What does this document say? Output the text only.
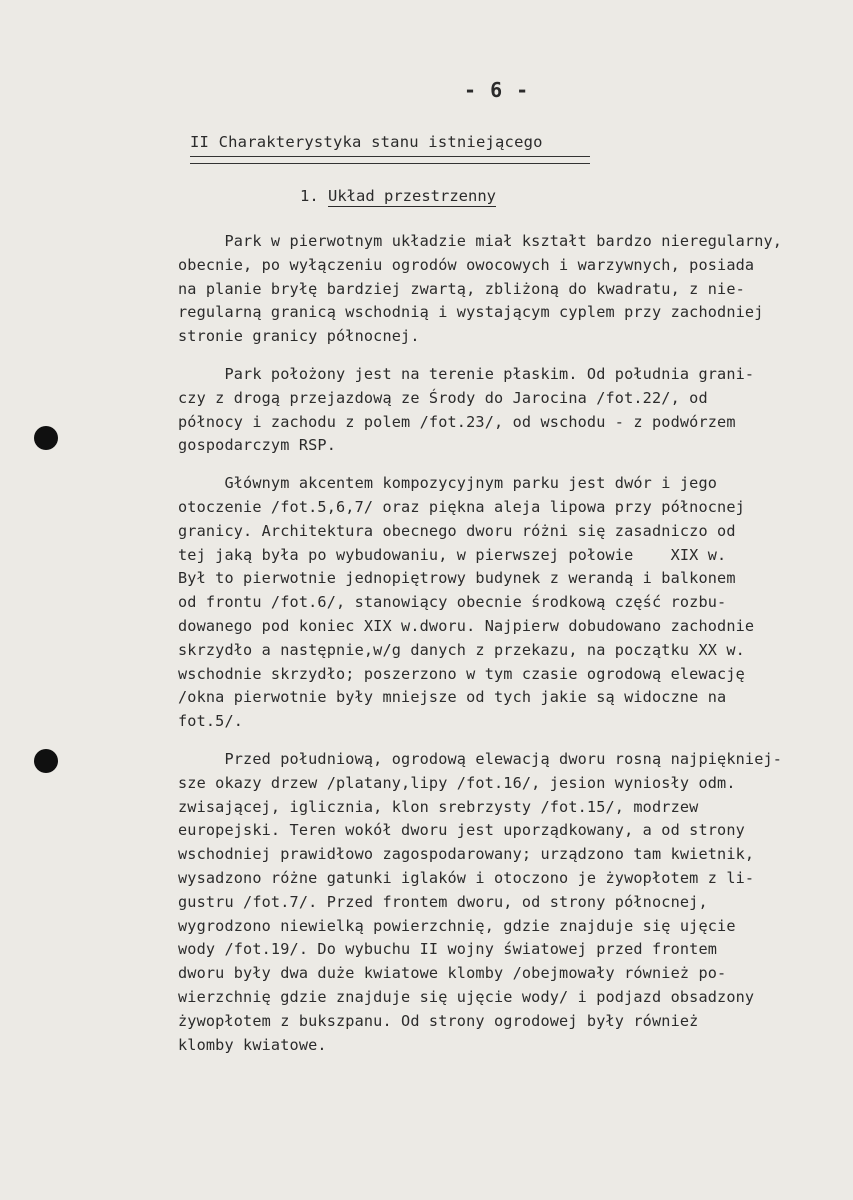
- 6 -
II Charakterystyka stanu istniejącego
1. Układ przestrzenny
Park w pierwotnym układzie miał kształt bardzo nieregularny,
obecnie, po wyłączeniu ogrodów owocowych i warzywnych, posiada
na planie bryłę bardziej zwartą, zbliżoną do kwadratu, z nie-
regularną granicą wschodnią i wystającym cyplem przy zachodniej
stronie granicy północnej.
Park położony jest na terenie płaskim. Od południa grani-
czy z drogą przejazdową ze Środy do Jarocina /fot.22/, od
północy i zachodu z polem /fot.23/, od wschodu - z podwórzem
gospodarczym RSP.
Głównym akcentem kompozycyjnym parku jest dwór i jego
otoczenie /fot.5,6,7/ oraz piękna aleja lipowa przy północnej
granicy. Architektura obecnego dworu różni się zasadniczo od
tej jaką była po wybudowaniu, w pierwszej połowie    XIX w.
Był to pierwotnie jednopiętrowy budynek z werandą i balkonem
od frontu /fot.6/, stanowiący obecnie środkową część rozbu-
dowanego pod koniec XIX w.dworu. Najpierw dobudowano zachodnie
skrzydło a następnie,w/g danych z przekazu, na początku XX w.
wschodnie skrzydło; poszerzono w tym czasie ogrodową elewację
/okna pierwotnie były mniejsze od tych jakie są widoczne na
fot.5/.
Przed południową, ogrodową elewacją dworu rosną najpiękniej-
sze okazy drzew /platany,lipy /fot.16/, jesion wyniosły odm.
zwisającej, iglicznia, klon srebrzysty /fot.15/, modrzew
europejski. Teren wokół dworu jest uporządkowany, a od strony
wschodniej prawidłowo zagospodarowany; urządzono tam kwietnik,
wysadzono różne gatunki iglaków i otoczono je żywopłotem z li-
gustru /fot.7/. Przed frontem dworu, od strony północnej,
wygrodzono niewielką powierzchnię, gdzie znajduje się ujęcie
wody /fot.19/. Do wybuchu II wojny światowej przed frontem
dworu były dwa duże kwiatowe klomby /obejmowały również po-
wierzchnię gdzie znajduje się ujęcie wody/ i podjazd obsadzony
żywopłotem z bukszpanu. Od strony ogrodowej były również
klomby kwiatowe.
